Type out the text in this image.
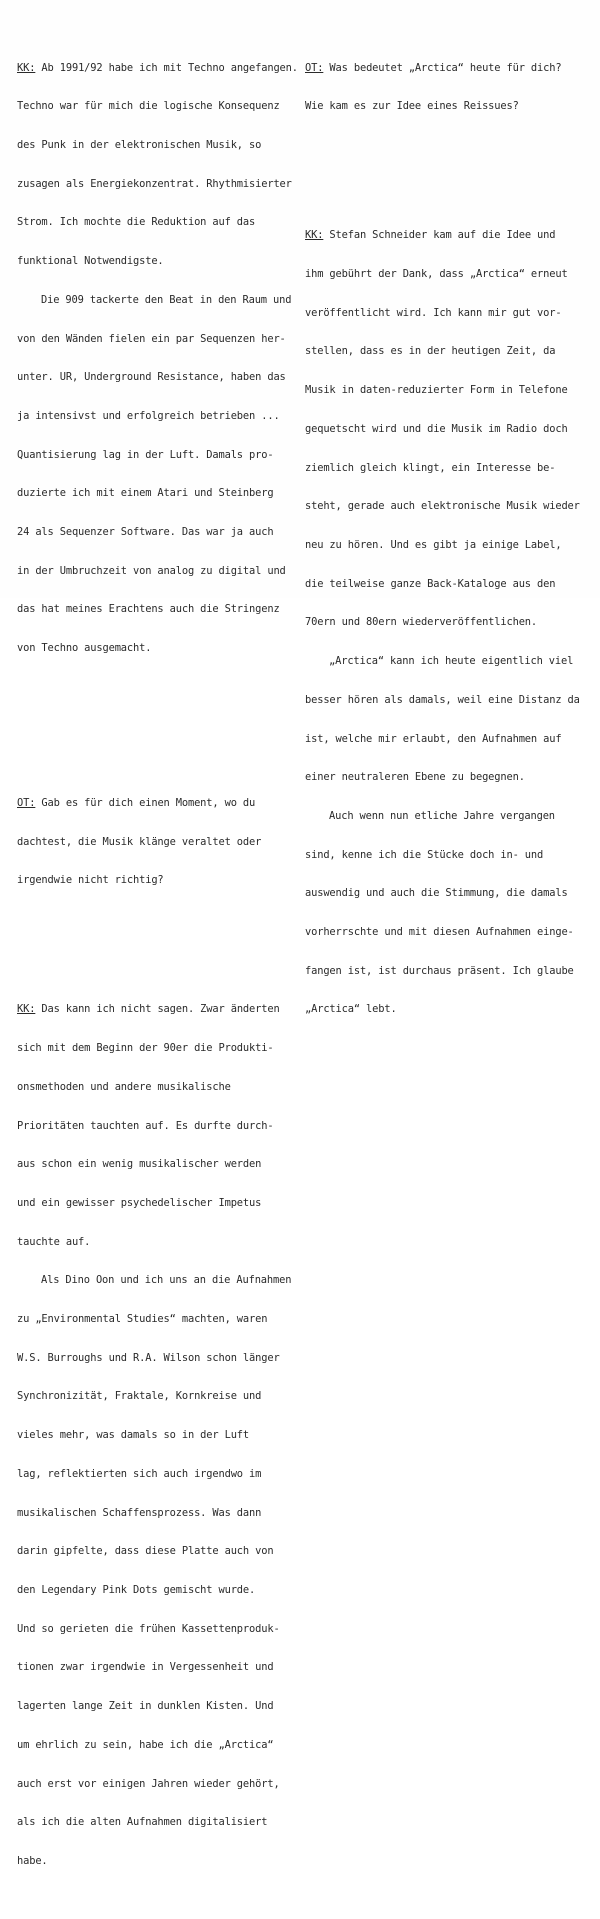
KK: Ab 1991/92 habe ich mit Techno angefangen.

Techno war für mich die logische Konsequenz

des Punk in der elektronischen Musik, so

zusagen als Energiekonzentrat. Rhythmisierter

Strom. Ich mochte die Reduktion auf das

funktional Notwendigste.

Die 909 tackerte den Beat in den Raum und

von den Wänden fielen ein par Sequenzen her-

unter. UR, Underground Resistance, haben das

ja intensivst und erfolgreich betrieben ...

Quantisierung lag in der Luft. Damals pro-

duzierte ich mit einem Atari und Steinberg

24 als Sequenzer Software. Das war ja auch

in der Umbruchzeit von analog zu digital und

das hat meines Erachtens auch die Stringenz

von Techno ausgemacht.

OT: Gab es für dich einen Moment, wo du

dachtest, die Musik klänge veraltet oder

irgendwie nicht richtig?

KK: Das kann ich nicht sagen. Zwar änderten

sich mit dem Beginn der 90er die Produkti-

onsmethoden und andere musikalische

Prioritäten tauchten auf. Es durfte durch-

aus schon ein wenig musikalischer werden

und ein gewisser psychedelischer Impetus

tauchte auf.

Als Dino Oon und ich uns an die Aufnahmen

zu „Environmental Studies“ machten, waren

W.S. Burroughs und R.A. Wilson schon länger

Synchronizität, Fraktale, Kornkreise und

vieles mehr, was damals so in der Luft

lag, reflektierten sich auch irgendwo im

musikalischen Schaffensprozess. Was dann

darin gipfelte, dass diese Platte auch von

den Legendary Pink Dots gemischt wurde.

Und so gerieten die frühen Kassettenproduk-

tionen zwar irgendwie in Vergessenheit und

lagerten lange Zeit in dunklen Kisten. Und

um ehrlich zu sein, habe ich die „Arctica“

auch erst vor einigen Jahren wieder gehört,

als ich die alten Aufnahmen digitalisiert

habe.

OT: Was bedeutet „Arctica“ heute für dich?

Wie kam es zur Idee eines Reissues?

KK: Stefan Schneider kam auf die Idee und

ihm gebührt der Dank, dass „Arctica“ erneut

veröffentlicht wird. Ich kann mir gut vor-

stellen, dass es in der heutigen Zeit, da

Musik in daten-reduzierter Form in Telefone

gequetscht wird und die Musik im Radio doch

ziemlich gleich klingt, ein Interesse be-

steht, gerade auch elektronische Musik wieder

neu zu hören. Und es gibt ja einige Label,

die teilweise ganze Back-Kataloge aus den

70ern und 80ern wiederveröffentlichen.

„Arctica“ kann ich heute eigentlich viel

besser hören als damals, weil eine Distanz da

ist, welche mir erlaubt, den Aufnahmen auf

einer neutraleren Ebene zu begegnen.

Auch wenn nun etliche Jahre vergangen

sind, kenne ich die Stücke doch in- und

auswendig und auch die Stimmung, die damals

vorherrschte und mit diesen Aufnahmen einge-

fangen ist, ist durchaus präsent. Ich glaube

„Arctica“ lebt.
